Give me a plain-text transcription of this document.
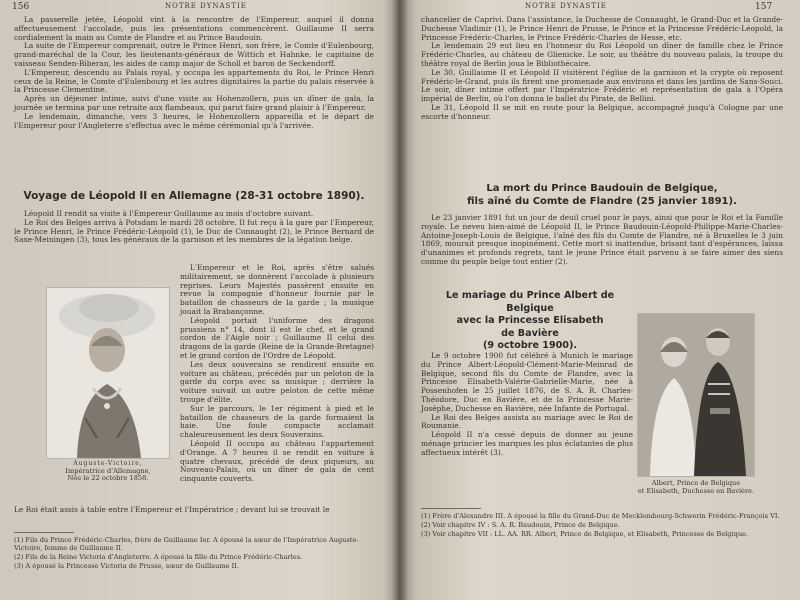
156	NOTRE DYNASTIE

La passerelle jetée, Léopold vint à la rencontre de l'Empereur, auquel il donna affectueusement l'accolade, puis les présentations commencèrent. Guillaume II serra cordialement la main au Comte de Flandre et au Prince Baudouin.

La suite de l'Empereur comprenait, outre le Prince Henri, son frère, le Comte d'Eulenbourg, grand-maréchal de la Cour, les lieutenants-généraux de Wittich et Hahnke, le capitaine de vaisseau Senden-Biberan, les aides de camp major de Scholl et baron de Seckendorff.

L'Empereur, descendu au Palais royal, y occupa les appartements du Roi, le Prince Henri ceux de la Reine, le Comte d'Eulenbourg et les autres dignitaires la partie du palais réservée à la Princesse Clementine.

Après un déjeuner intime, suivi d'une visite au Hohenzollern, puis un dîner de gala, la journée se termina par une retraite aux flambeaux, qui parut faire grand plaisir à l'Empereur.

Le lendemain, dimanche, vers 3 heures, le Hohenzollern appareilla et le départ de l'Empereur pour l'Angleterre s'effectua avec le même cérémonial qu'à l'arrivée.

Voyage de Léopold II en Allemagne (28-31 octobre 1890).

Léopold II rendit sa visite à l'Empereur Guillaume au mois d'octobre suivant.

Le Roi des Belges arriva à Potsdam le mardi 28 octobre. Il fut reçu à la gare par l'Empereur, le Prince Henri, le Prince Frédéric-Léopold (1), le Duc de Connaught (2), le Prince Bernard de Saxe-Meiningen (3), tous les généraux de la garnison et les membres de la légation belge.

L'Empereur et le Roi, après s'être salués militairement, se donnèrent l'accolade à plusieurs reprises. Leurs Majestés passèrent ensuite en revue la compagnie d'honneur fournie par le bataillon de chasseurs de la garde ; la musique jouait la Brabançonne.

Léopold portait l'uniforme des dragons prussiens n° 14, dont il est le chef, et le grand cordon de l'Aigle noir ; Guillaume II celui des dragons de la garde (Reine de la Grande-Bretagne) et le grand cordon de l'Ordre de Léopold.

Les deux souverains se rendirent ensuite en voiture au château, précédés par un peloton de la garde du corps avec sa musique ; derrière la voiture suivait un autre peloton de cette même troupe d'élite.

Sur le parcours, le 1er régiment à pied et le bataillon de chasseurs de la garde formaient la haie. Une foule compacte acclamait chaleureusement les deux Souverains.

Léopold II occupa au château l'appartement d'Orange. A 7 heures il se rendit en voiture à quatre chevaux, précédé de deux piqueurs, au Nouveau-Palais, où un dîner de gala de cent cinquante couverts.

Auguste-Victoire,
Impératrice d'Allemagne,
Née le 22 octobre 1858.

Le Roi était assis à table entre l'Empereur et l'Impératrice ; devant lui se trouvait le

(1) Fils du Prince Frédéric-Charles, frère de Guillaume Ier. A épousé la sœur de l'Impératrice Auguste-Victoire, femme de Guillaume II.
(2) Fils de la Reine Victoria d'Angleterre. A épousé la fille du Prince Frédéric-Charles.
(3) A épousé la Princesse Victoria de Prusse, sœur de Guillaume II.
NOTRE DYNASTIE	157

chancelier de Caprivi. Dans l'assistance, la Duchesse de Connaught, le Grand-Duc et la Grande-Duchesse Vladimir (1), le Prince Henri de Prusse, le Prince et la Princesse Frédéric-Léopold, la Princesse Frédéric-Charles, le Prince Frédéric-Charles de Hesse, etc.

Le lendemain 29 eut lieu en l'honneur du Roi Léopold un dîner de famille chez le Prince Frédéric-Charles, au château de Glienicke. Le soir, au théâtre du nouveau palais, la troupe du théâtre royal de Berlin joua le Bibliothécaire.

Le 30, Guillaume II et Léopold II visitèrent l'église de la garnison et la crypte où reposent Frédéric-le-Grand, puis ils firent une promenade aux environs et dans les jardins de Sans-Souci. Le soir, dîner intime offert par l'Impératrice Frédéric et représentation de gala à l'Opéra impérial de Berlin, où l'on donna le ballet du Pirate, de Bellini.

Le 31, Léopold II se mit en route pour la Belgique, accompagné jusqu'à Cologne par une escorte d'honneur.

La mort du Prince Baudouin de Belgique,
fils aîné du Comte de Flandre (25 janvier 1891).

Le 23 janvier 1891 fut un jour de deuil cruel pour le pays, ainsi que pour le Roi et la Famille royale. Le neveu bien-aimé de Léopold II, le Prince Baudouin-Léopold-Philippe-Marie-Charles-Antoine-Joseph-Louis de Belgique, l'aîné des fils du Comte de Flandre, né à Bruxelles le 3 juin 1869, mourait presque inopinément. Cette mort si inattendue, brisant tant d'espérances, laissa d'unanimes et profonds regrets, tant le jeune Prince était parvenu à se faire aimer des siens comme du peuple belge tout entier (2).

Le mariage du Prince Albert de Belgique
avec la Princesse Elisabeth
de Bavière
(9 octobre 1900).

Le 9 octobre 1900 fut célébré à Munich le mariage du Prince Albert-Léopold-Clément-Marie-Meinrad de Belgique, second fils du Comte de Flandre, avec la Princesse Elisabeth-Valérie-Gabrielle-Marie, née à Possenhofen le 25 juillet 1876, de S. A. R. Charles-Théodore, Duc en Bavière, et de la Princesse Marie-Joséphe, Duchesse en Bavière, née Infante de Portugal.

Le Roi des Belges assista au mariage avec le Roi de Roumanie.

Léopold II n'a cessé depuis de donner au jeune ménage princier les marques les plus éclatantes de plus affectueux intérêt (3).

Albert, Prince de Belgique
et Elisabeth, Duchesse en Bavière.
(1) Frère d'Alexandre III. A épousé la fille du Grand-Duc de Mecklembourg-Schwerin Frédéric-François VI.
(2) Voir chapitre IV : S. A. R. Baudouin, Prince de Belgique.
(3) Voir chapitre VII : LL. AA. RR. Albert, Prince de Belgique, et Elisabeth, Princesse de Belgique.
